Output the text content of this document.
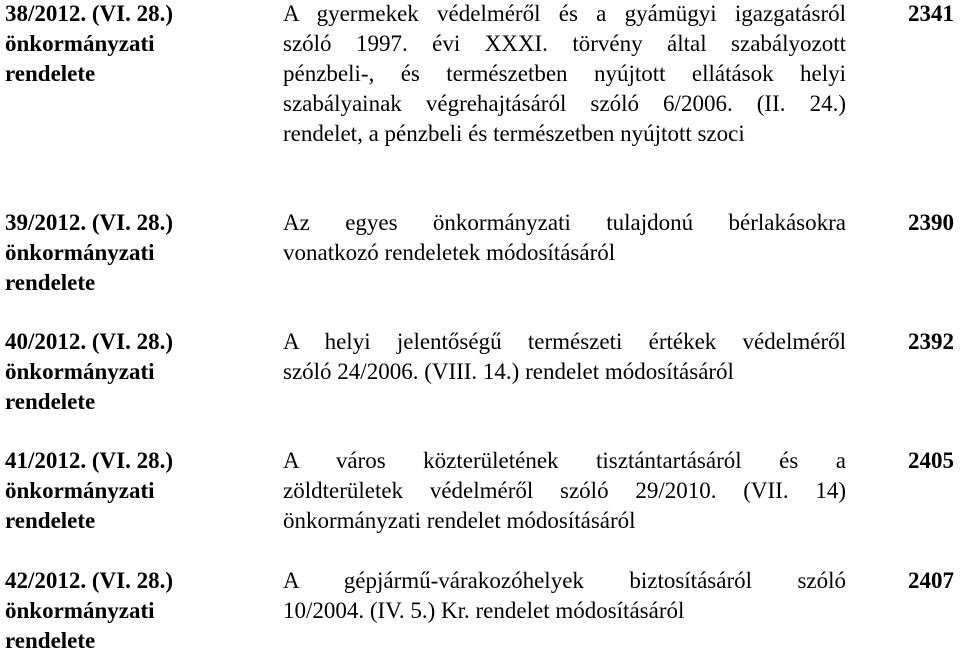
38/2012. (VI. 28.)
önkormányzati
rendelete
A gyermekek védelméről és a gyámügyi igazgatásról
szóló 1997. évi XXXI. törvény által szabályozott
pénzbeli-, és természetben nyújtott ellátások helyi
szabályainak végrehajtásáról szóló 6/2006. (II. 24.)
rendelet, a pénzbeli és természetben nyújtott szoci
2341
39/2012. (VI. 28.)
önkormányzati
rendelete
Az egyes önkormányzati tulajdonú bérlakásokra
vonatkozó rendeletek módosításáról
2390
40/2012. (VI. 28.)
önkormányzati
rendelete
A helyi jelentőségű természeti értékek védelméről
szóló 24/2006. (VIII. 14.) rendelet módosításáról
2392
41/2012. (VI. 28.)
önkormányzati
rendelete
A város közterületének tisztántartásáról és a
zöldterületek védelméről szóló 29/2010. (VII. 14)
önkormányzati rendelet módosításáról
2405
42/2012. (VI. 28.)
önkormányzati
rendelete
A gépjármű-várakozóhelyek biztosításáról szóló
10/2004. (IV. 5.) Kr. rendelet módosításáról
2407
